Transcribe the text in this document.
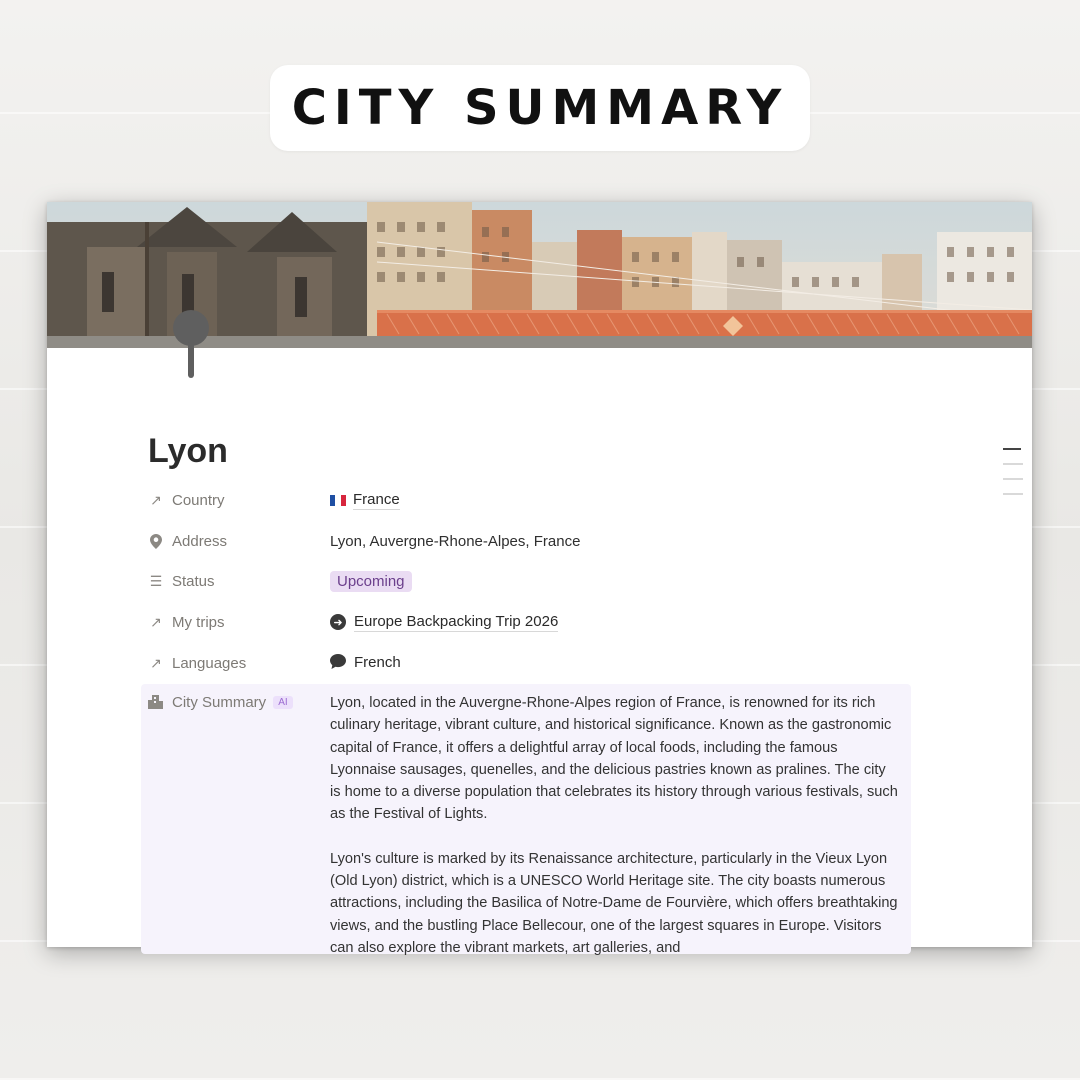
CITY SUMMARY
Lyon
↗ Country	France
Address	Lyon, Auvergne-Rhone-Alpes, France
☰ Status	Upcoming
↗ My trips	➜ Europe Backpacking Trip 2026
↗ Languages	French
City Summary	AI	Lyon, located in the Auvergne-Rhone-Alpes region of France, is renowned for its rich culinary heritage, vibrant culture, and historical significance. Known as the gastronomic capital of France, it offers a delightful array of local foods, including the famous Lyonnaise sausages, quenelles, and the delicious pastries known as pralines. The city is home to a diverse population that celebrates its history through various festivals, such as the Festival of Lights.

Lyon's culture is marked by its Renaissance architecture, particularly in the Vieux Lyon (Old Lyon) district, which is a UNESCO World Heritage site. The city boasts numerous attractions, including the Basilica of Notre-Dame de Fourvière, which offers breathtaking views, and the bustling Place Bellecour, one of the largest squares in Europe. Visitors can also explore the vibrant markets, art galleries, and
